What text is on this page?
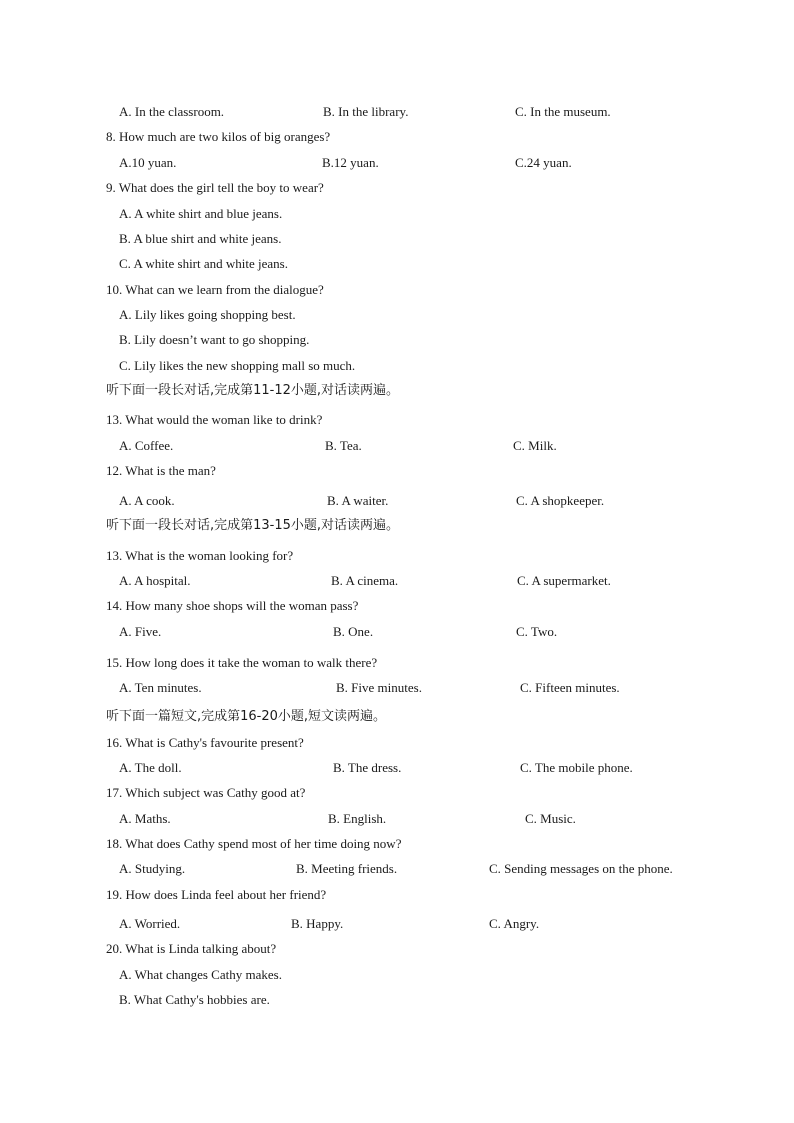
A. In the classroom.	B. In the library.	C. In the museum.
8. How much are two kilos of big oranges?
A.10 yuan.	B.12 yuan.	C.24 yuan.
9. What does the girl tell the boy to wear?
A. A white shirt and blue jeans.
B. A blue shirt and white jeans.
C. A white shirt and white jeans.
10. What can we learn from the dialogue?
A. Lily likes going shopping best.
B. Lily doesn’t want to go shopping.
C. Lily likes the new shopping mall so much.
听下面一段长对话,完成第11-12小题,对话读两遍。
13. What would the woman like to drink?
A. Coffee.	B. Tea.	C. Milk.
12. What is the man?
A. A cook.	B. A waiter.	C. A shopkeeper.
听下面一段长对话,完成第13-15小题,对话读两遍。
13. What is the woman looking for?
A. A hospital.	B. A cinema.	C. A supermarket.
14. How many shoe shops will the woman pass?
A. Five.	B. One.	C. Two.
15. How long does it take the woman to walk there?
A. Ten minutes.	B. Five minutes.	C. Fifteen minutes.
听下面一篇短文,完成第16-20小题,短文读两遍。
16. What is Cathy's favourite present?
A. The doll.	B. The dress.	C. The mobile phone.
17. Which subject was Cathy good at?
A. Maths.	B. English.	C. Music.
18. What does Cathy spend most of her time doing now?
A. Studying.	B. Meeting friends.	C. Sending messages on the phone.
19. How does Linda feel about her friend?
A. Worried.	B. Happy.	C. Angry.
20. What is Linda talking about?
A. What changes Cathy makes.
B. What Cathy's hobbies are.
